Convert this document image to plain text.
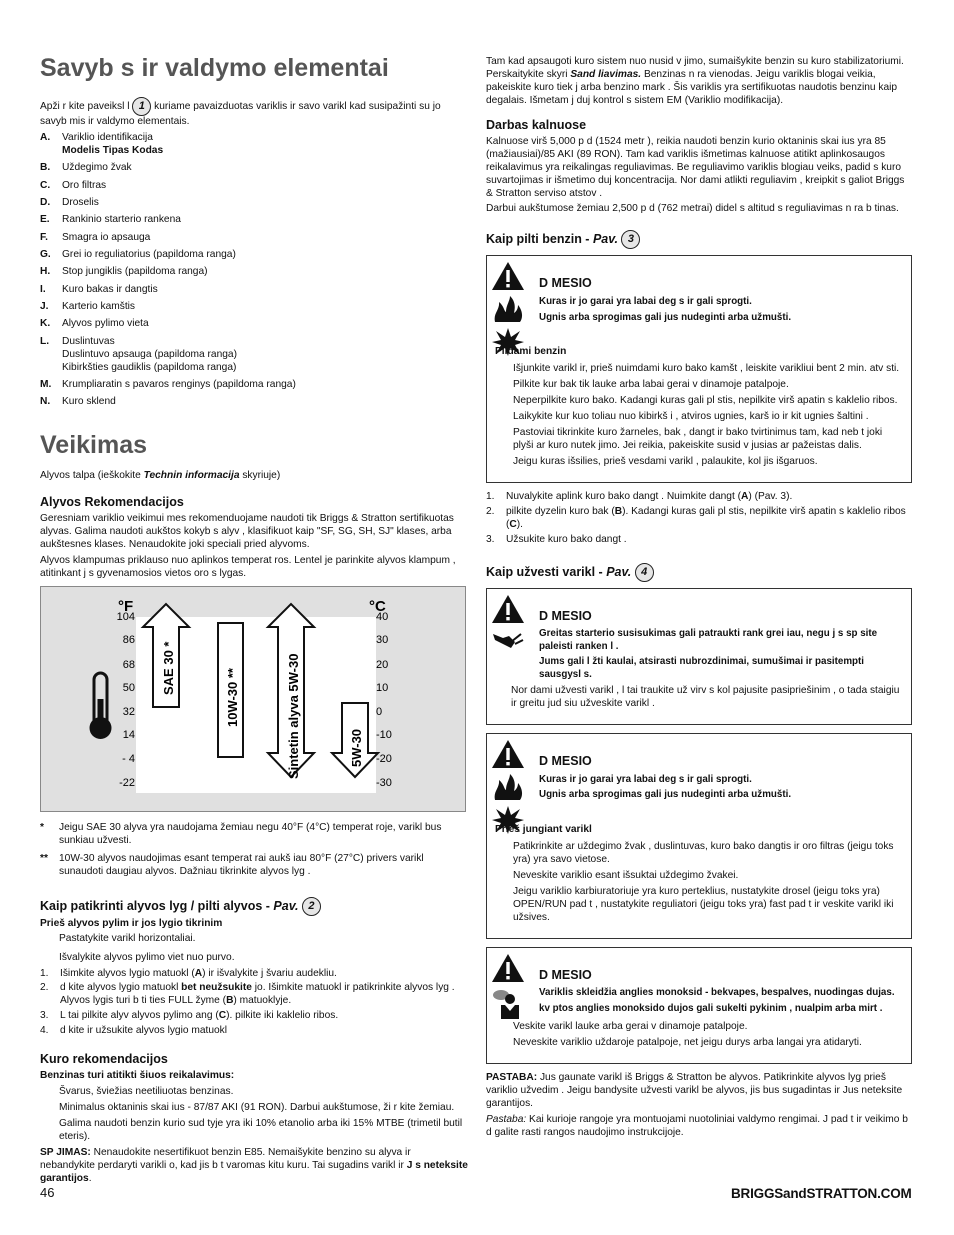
Savyb s ir valdymo elementai

Apži r kite paveiksl l 1 kuriame pavaizduotas variklis ir savo varikl kad susipažinti su jo savyb mis ir valdymo elementais.

A. Variklio identifikacija
Modelis Tipas Kodas
B. Uždegimo žvak
C. Oro filtras
D. Droselis
E. Rankinio starterio rankena
F. Smagra io apsauga
G. Grei io reguliatorius (papildoma ranga)
H. Stop jungiklis (papildoma ranga)
I. Kuro bakas ir dangtis
J. Karterio kamštis
K. Alyvos pylimo vieta
L. Duslintuvas
Duslintuvo apsauga (papildoma ranga)
Kibirkšties gaudiklis (papildoma ranga)
M. Krumpliaratin s pavaros renginys (papildoma ranga)
N. Kuro sklend
Veikimas

Alyvos talpa (ieškokite Technin informacija skyriuje)

Alyvos Rekomendacijos

Geresniam variklio veikimui mes rekomenduojame naudoti tik Briggs & Stratton sertifikuotas alyvas. Galima naudoti aukštos kokyb s alyv , klasifikuot kaip "SF, SG, SH, SJ" klases, arba aukštesnes klases. Nenaudokite joki speciali pried alyvoms.

Alyvos klampumas priklauso nuo aplinkos temperat ros. Lentel je parinkite alyvos klampum , atitinkant j s gyvenamosios vietos oro s lygas.

°F	°C
104
86
68
50
32
14
- 4
-22
40
30
20
10
0
-10
-20
-30
SAE 30 *	10W-30 **	Sintetin alyva 5W-30	5W-30
* Jeigu SAE 30 alyva yra naudojama žemiau negu 40°F (4°C) temperat roje, varikl bus sunkiau užvesti.
** 10W-30 alyvos naudojimas esant temperat rai aukš iau 80°F (27°C) privers varikl sunaudoti daugiau alyvos. Dažniau tikrinkite alyvos lyg .
Kaip patikrinti alyvos lyg / pilti alyvos - Pav. 2

Prieš alyvos pylim ir jos lygio tikrinim

Pastatykite varikl horizontaliai.

Išvalykite alyvos pylimo viet nuo purvo.

1. Išimkite alyvos lygio matuokl (A) ir išvalykite j švariu audekliu.
2. d kite alyvos lygio matuokl bet neužsukite jo. Išimkite matuokl ir patikrinkite alyvos lyg . Alyvos lygis turi b ti ties FULL žyme (B) matuoklyje.
3. L tai pilkite alyv alyvos pylimo ang (C). pilkite iki kaklelio ribos.
4. d kite ir užsukite alyvos lygio matuokl
Kuro rekomendacijos

Benzinas turi atitikti šiuos reikalavimus:

Švarus, šviežias neetiliuotas benzinas.

Minimalus oktaninis skai ius - 87/87 AKI (91 RON). Darbui aukštumose, ži r kite žemiau.

Galima naudoti benzin kurio sud tyje yra iki 10% etanolio arba iki 15% MTBE (trimetil butil eteris).

SP JIMAS: Nenaudokite nesertifikuot benzin E85. Nemaišykite benzino su alyva ir nebandykite perdaryti varikli o, kad jis b t varomas kitu kuru. Tai sugadins varikl ir J s neteksite garantijos.

Tam kad apsaugoti kuro sistem nuo nusid v jimo, sumaišykite benzin su kuro stabilizatoriumi. Perskaitykite skyri Sand liavimas. Benzinas n ra vienodas. Jeigu variklis blogai veikia, pakeiskite kuro tiek j arba benzino mark . Šis variklis yra sertifikuotas naudotis benzinu kaip degalais. Išmetam j duj kontrol s sistem EM (Variklio modifikacija).

Darbas kalnuose

Kalnuose virš 5,000 p d (1524 metr ), reikia naudoti benzin kurio oktaninis skai ius yra 85 (mažiausiai)/85 AKI (89 RON). Tam kad variklis išmetimas kalnuose atitikt aplinkosaugos reikalavimus yra reikalingas reguliavimas. Be reguliavimo variklis blogiau veiks, padid s kuro suvartojimas ir išmetimo duj koncentracija. Nor dami atlikti reguliavim , kreipkit s galiot Briggs & Stratton serviso atstov .

Darbui aukštumose žemiau 2,500 p d (762 metrai) didel s altitud s reguliavimas n ra b tinas.

Kaip pilti benzin - Pav. 3
D MESIO
Kuras ir jo garai yra labai deg s ir gali sprogti.
Ugnis arba sprogimas gali jus nudeginti arba užmušti.
Pildami benzin

Išjunkite varikl ir, prieš nuimdami kuro bako kamšt , leiskite varikliui bent 2 min. atv sti.

Pilkite kur bak tik lauke arba labai gerai v dinamoje patalpoje.

Neperpilkite kuro bako. Kadangi kuras gali pl stis, nepilkite virš apatin s kaklelio ribos.

Laikykite kur kuo toliau nuo kibirkš i , atviros ugnies, karš io ir kit ugnies šaltini .

Pastoviai tikrinkite kuro žarneles, bak , dangt ir bako tvirtinimus tam, kad neb t joki plyši ar kuro nutek jimo. Jei reikia, pakeiskite susid v jusias ar pažeistas dalis.

Jeigu kuras išsilies, prieš vesdami varikl , palaukite, kol jis išgaruos.

1. Nuvalykite aplink kuro bako dangt . Nuimkite dangt (A) (Pav. 3).
2. pilkite dyzelin kuro bak (B). Kadangi kuras gali pl stis, nepilkite virš apatin s kaklelio ribos (C).
3. Užsukite kuro bako dangt .
Kaip užvesti varikl - Pav. 4
D MESIO
Greitas starterio susisukimas gali patraukti rank grei iau, negu j s sp site paleisti ranken l .
Jums gali l žti kaulai, atsirasti nubrozdinimai, sumušimai ir pasitempti sausgysl s.

Nor dami užvesti varikl , l tai traukite už virv s kol pajusite pasipriešinim , o tada staigiu ir greitu jud siu užveskite varikl .

D MESIO
Kuras ir jo garai yra labai deg s ir gali sprogti.
Ugnis arba sprogimas gali jus nudeginti arba užmušti.
Prieš jungiant varikl

Patikrinkite ar uždegimo žvak , duslintuvas, kuro bako dangtis ir oro filtras (jeigu toks yra) yra savo vietose.

Neveskite variklio esant išsuktai uždegimo žvakei.

Jeigu variklio karbiuratoriuje yra kuro perteklius, nustatykite drosel (jeigu toks yra) OPEN/RUN pad t , nustatykite reguliatori (jeigu toks yra) fast pad t ir veskite varikl iki užsives.

D MESIO
Variklis skleidžia anglies monoksid - bekvapes, bespalves, nuodingas dujas.
kv ptos anglies monoksido dujos gali sukelti pykinim , nualpim arba mirt .

Veskite varikl lauke arba gerai v dinamoje patalpoje.

Neveskite variklio uždaroje patalpoje, net jeigu durys arba langai yra atidaryti.

PASTABA: Jus gaunate varikl iš Briggs & Stratton be alyvos. Patikrinkite alyvos lyg prieš variklio užvedim . Jeigu bandysite užvesti varikl be alyvos, jis bus sugadintas ir Jus neteksite garantijos.

Pastaba: Kai kurioje rangoje yra montuojami nuotoliniai valdymo rengimai. J pad t ir veikimo b d galite rasti rangos naudojimo instrukcijoje.

46	BRIGGSandSTRATTON.COM
